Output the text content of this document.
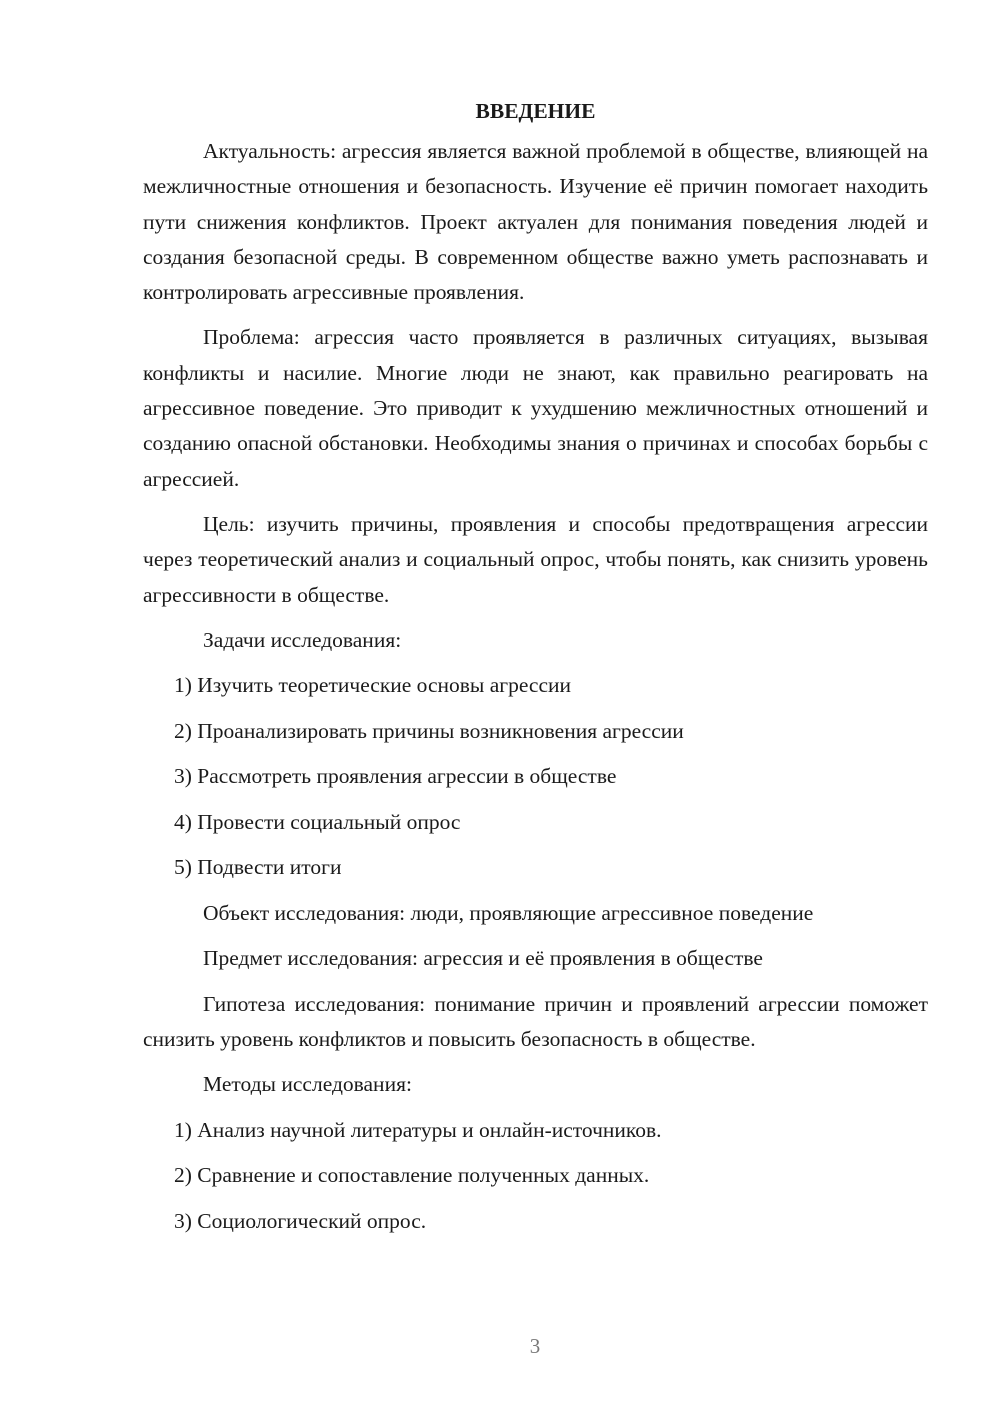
ВВЕДЕНИЕ

Актуальность: агрессия является важной проблемой в обществе, влияющей на межличностные отношения и безопасность. Изучение её причин помогает находить пути снижения конфликтов. Проект актуален для понимания поведения людей и создания безопасной среды. В современном обществе важно уметь распознавать и контролировать агрессивные проявления.

Проблема: агрессия часто проявляется в различных ситуациях, вызывая конфликты и насилие. Многие люди не знают, как правильно реагировать на агрессивное поведение. Это приводит к ухудшению межличностных отношений и созданию опасной обстановки. Необходимы знания о причинах и способах борьбы с агрессией.

Цель: изучить причины, проявления и способы предотвращения агрессии через теоретический анализ и социальный опрос, чтобы понять, как снизить уровень агрессивности в обществе.

Задачи исследования:

1) Изучить теоретические основы агрессии

2) Проанализировать причины возникновения агрессии

3) Рассмотреть проявления агрессии в обществе

4) Провести социальный опрос

5) Подвести итоги

Объект исследования: люди, проявляющие агрессивное поведение

Предмет исследования: агрессия и её проявления в обществе

Гипотеза исследования: понимание причин и проявлений агрессии поможет снизить уровень конфликтов и повысить безопасность в обществе.

Методы исследования:

1) Анализ научной литературы и онлайн-источников.

2) Сравнение и сопоставление полученных данных.

3) Социологический опрос.

3
